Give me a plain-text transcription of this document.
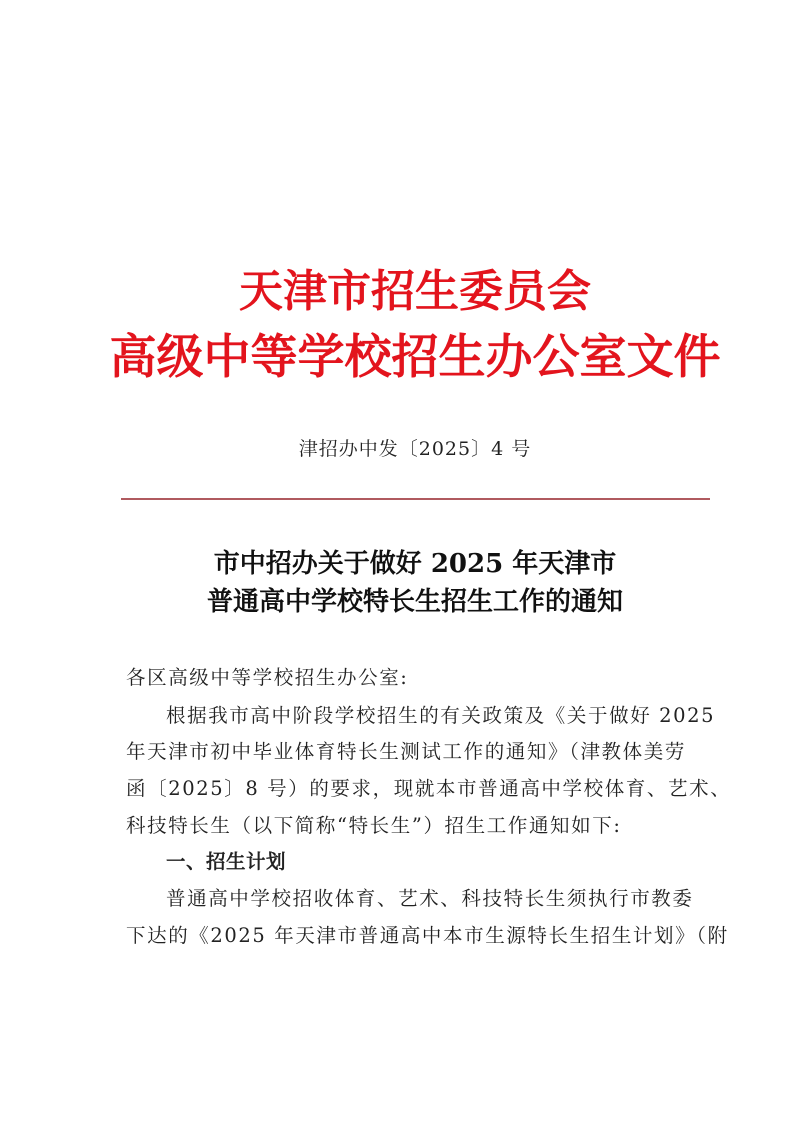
天津市招生委员会
高级中等学校招生办公室文件
津招办中发〔2025〕4 号
市中招办关于做好 2025 年天津市
普通高中学校特长生招生工作的通知
各区高级中等学校招生办公室:
根据我市高中阶段学校招生的有关政策及《关于做好 2025
年天津市初中毕业体育特长生测试工作的通知》（津教体美劳
函〔2025〕8 号）的要求，现就本市普通高中学校体育、艺术、
科技特长生（以下简称“特长生”）招生工作通知如下:
一、招生计划
普通高中学校招收体育、艺术、科技特长生须执行市教委
下达的《2025 年天津市普通高中本市生源特长生招生计划》（附
